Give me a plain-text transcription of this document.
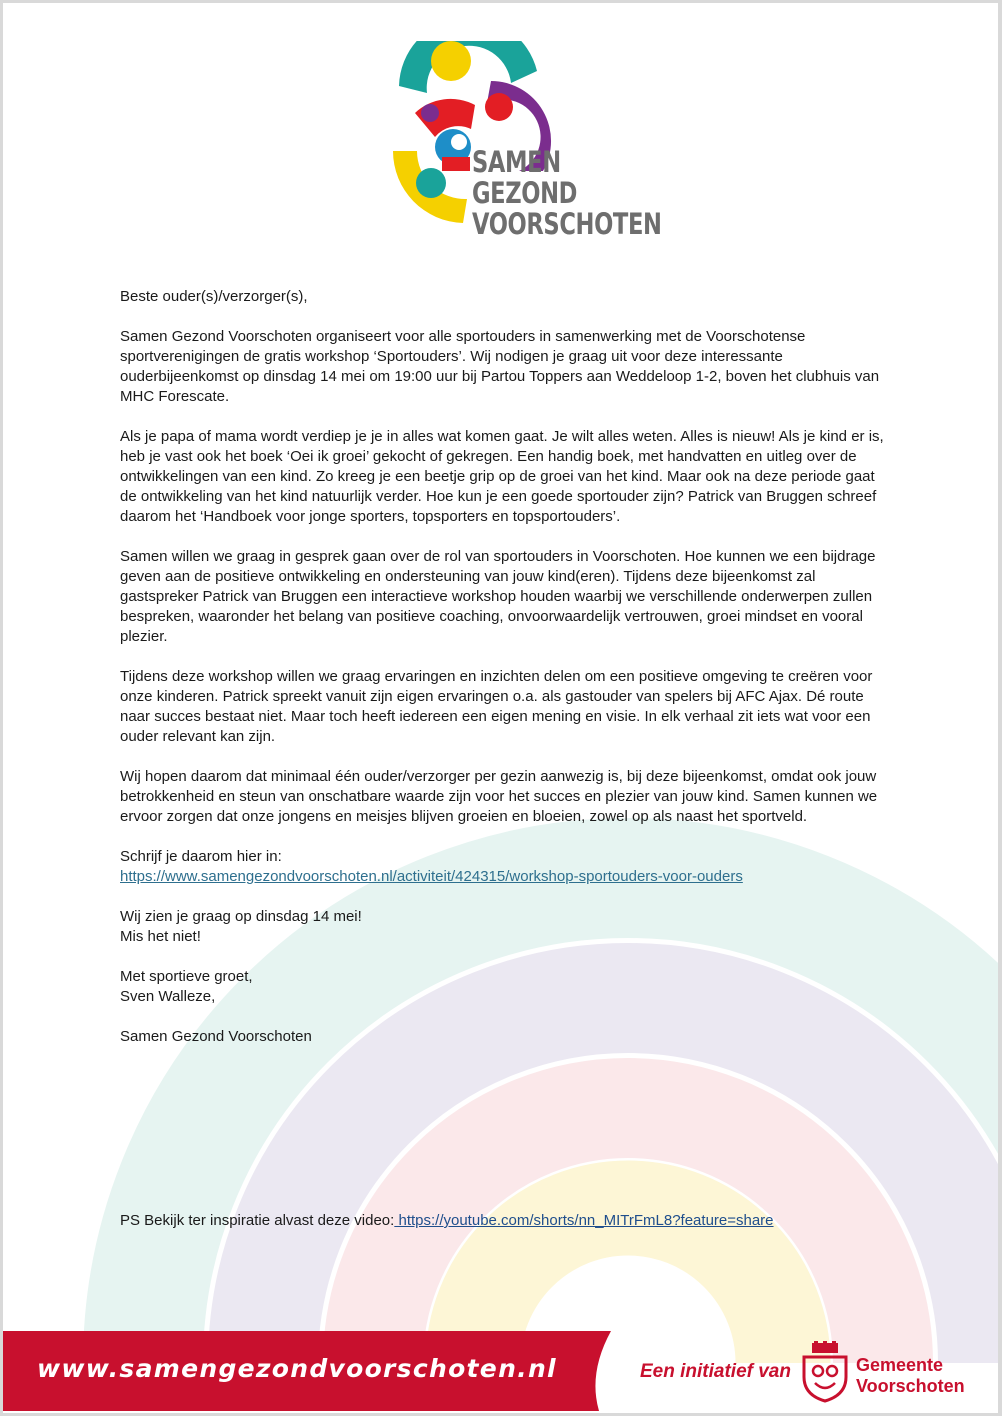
SAMEN
GEZOND
VOORSCHOTEN

Beste ouder(s)/verzorger(s),

Samen Gezond Voorschoten organiseert voor alle sportouders in samenwerking met de Voorschotense sportverenigingen de gratis workshop ‘Sportouders’. Wij nodigen je graag uit voor deze interessante ouderbijeenkomst op dinsdag 14 mei om 19:00 uur bij Partou Toppers aan Weddeloop 1-2, boven het clubhuis van MHC Forescate.

Als je papa of mama wordt verdiep je je in alles wat komen gaat. Je wilt alles weten. Alles is nieuw! Als je kind er is, heb je vast ook het boek ‘Oei ik groei’ gekocht of gekregen. Een handig boek, met handvatten en uitleg over de ontwikkelingen van een kind. Zo kreeg je een beetje grip op de groei van het kind. Maar ook na deze periode gaat de ontwikkeling van het kind natuurlijk verder. Hoe kun je een goede sportouder zijn? Patrick van Bruggen schreef daarom het ‘Handboek voor jonge sporters, topsporters en topsportouders’.

Samen willen we graag in gesprek gaan over de rol van sportouders in Voorschoten. Hoe kunnen we een bijdrage geven aan de positieve ontwikkeling en ondersteuning van jouw kind(eren). Tijdens deze bijeenkomst zal gastspreker Patrick van Bruggen een interactieve workshop houden waarbij we verschillende onderwerpen zullen bespreken, waaronder het belang van positieve coaching, onvoorwaardelijk vertrouwen, groei mindset en vooral plezier.

Tijdens deze workshop willen we graag ervaringen en inzichten delen om een positieve omgeving te creëren voor onze kinderen. Patrick spreekt vanuit zijn eigen ervaringen o.a. als gastouder van spelers bij AFC Ajax. Dé route naar succes bestaat niet. Maar toch heeft iedereen een eigen mening en visie. In elk verhaal zit iets wat voor een ouder relevant kan zijn.

Wij hopen daarom dat minimaal één ouder/verzorger per gezin aanwezig is, bij deze bijeenkomst, omdat ook jouw betrokkenheid en steun van onschatbare waarde zijn voor het succes en plezier van jouw kind. Samen kunnen we ervoor zorgen dat onze jongens en meisjes blijven groeien en bloeien, zowel op als naast het sportveld.

Schrijf je daarom hier in:
https://www.samengezondvoorschoten.nl/activiteit/424315/workshop-sportouders-voor-ouders

Wij zien je graag op dinsdag 14 mei!
Mis het niet!

Met sportieve groet,
Sven Walleze,

Samen Gezond Voorschoten

PS Bekijk ter inspiratie alvast deze video: https://youtube.com/shorts/nn_MITrFmL8?feature=share
www.samengezondvoorschoten.nl	Een initiatief van	Gemeente
Voorschoten
